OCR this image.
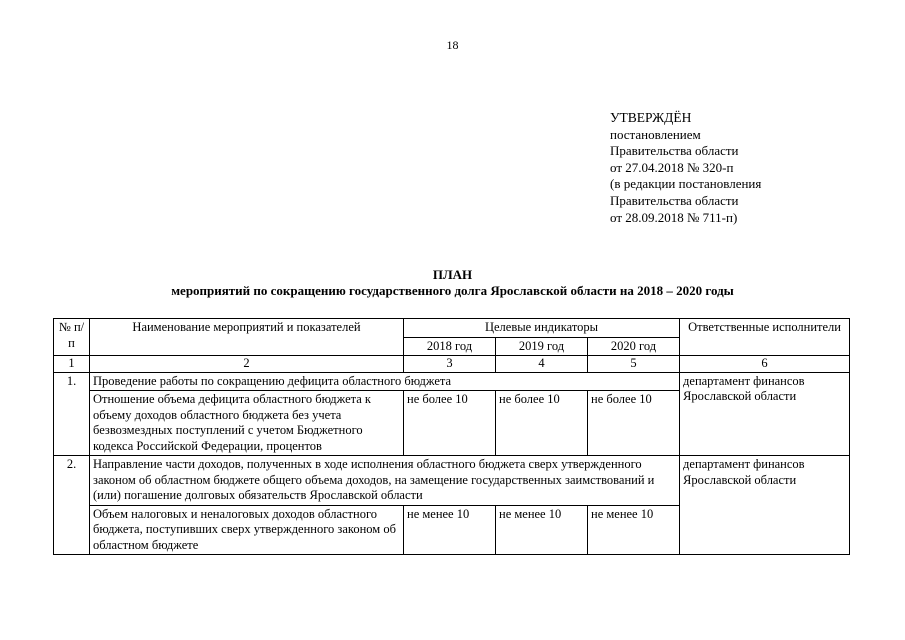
18
УТВЕРЖДЁН
постановлением
Правительства области
от 27.04.2018 № 320-п
(в редакции постановления
Правительства области
от 28.09.2018 № 711-п)
ПЛАН
мероприятий по сокращению государственного долга Ярославской области на 2018 – 2020 годы
№ п/п	Наименование мероприятий и показателей	Целевые индикаторы			Ответственные исполнители
		2018 год	2019 год	2020 год	
1	2	3	4	5	6
1.	Проведение работы по сокращению дефицита областного бюджета				департамент финансов Ярославской области
	Отношение объема дефицита областного бюджета к объему доходов областного бюджета без учета безвозмездных поступлений с учетом Бюджетного кодекса Российской Федерации, процентов	не более 10	не более 10	не более 10	
2.	Направление части доходов, полученных в ходе исполнения областного бюджета сверх утвержденного законом об областном бюджете общего объема доходов, на замещение государственных заимствований и (или) погашение долговых обязательств Ярославской области				департамент финансов Ярославской области
	Объем налоговых и неналоговых доходов областного бюджета, поступивших сверх утвержденного законом об областном бюджете	не менее 10	не менее 10	не менее 10	
